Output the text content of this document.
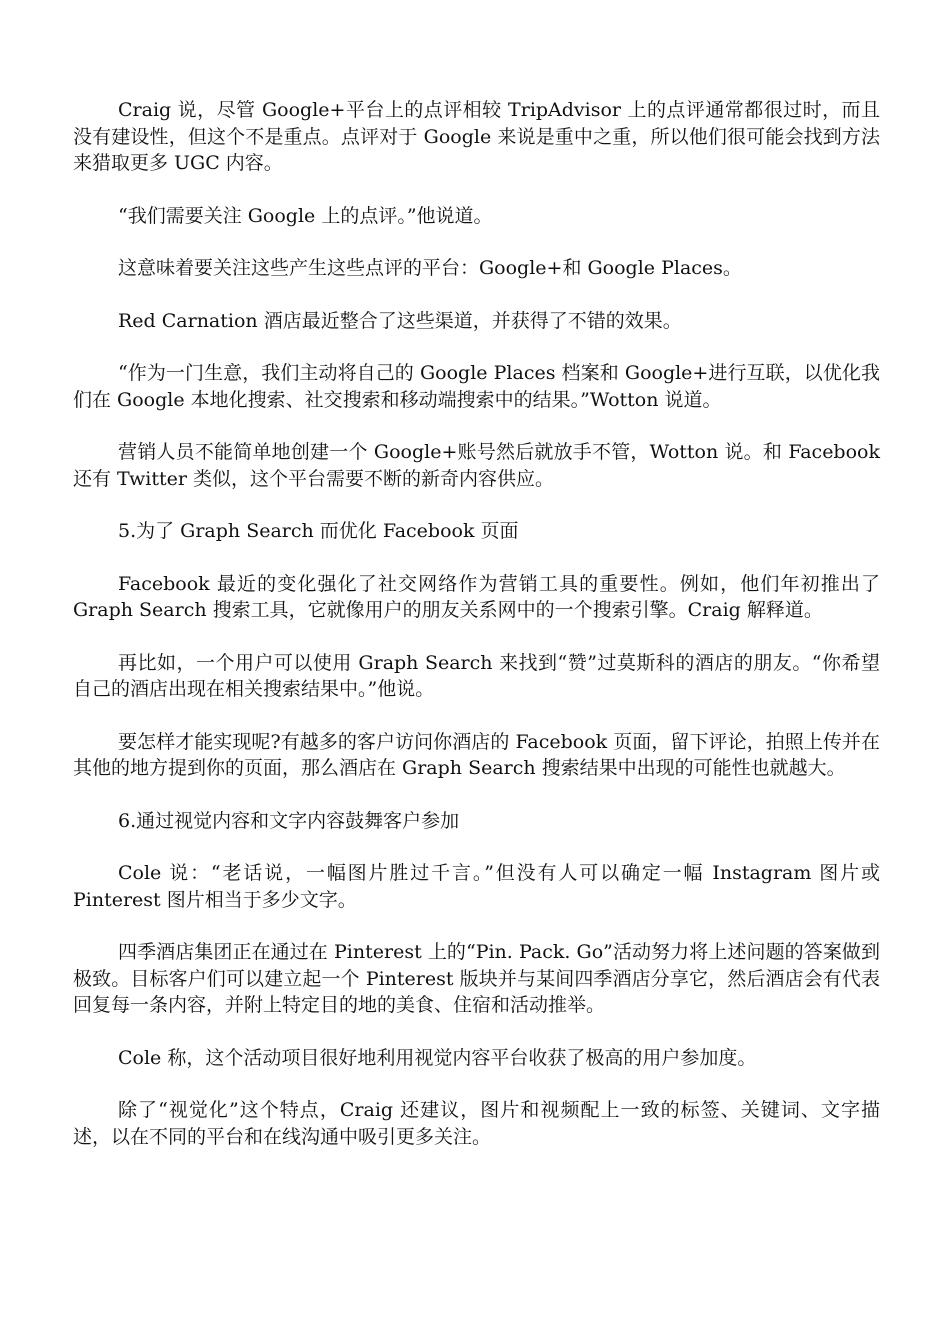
Craig 说，尽管 Google+平台上的点评相较 TripAdvisor 上的点评通常都很过时，而且没有建设性，但这个不是重点。点评对于 Google 来说是重中之重，所以他们很可能会找到方法来猎取更多 UGC 内容。

“我们需要关注 Google 上的点评。”他说道。

这意味着要关注这些产生这些点评的平台：Google+和 Google Places。

Red Carnation 酒店最近整合了这些渠道，并获得了不错的效果。

“作为一门生意，我们主动将自己的 Google Places 档案和 Google+进行互联，以优化我们在 Google 本地化搜索、社交搜索和移动端搜索中的结果。”Wotton 说道。

营销人员不能简单地创建一个 Google+账号然后就放手不管，Wotton 说。和 Facebook 还有 Twitter 类似，这个平台需要不断的新奇内容供应。

5.为了 Graph Search 而优化 Facebook 页面

Facebook 最近的变化强化了社交网络作为营销工具的重要性。例如，他们年初推出了 Graph Search 搜索工具，它就像用户的朋友关系网中的一个搜索引擎。Craig 解释道。

再比如，一个用户可以使用 Graph Search 来找到“赞”过莫斯科的酒店的朋友。“你希望自己的酒店出现在相关搜索结果中。”他说。

要怎样才能实现呢?有越多的客户访问你酒店的 Facebook 页面，留下评论，拍照上传并在其他的地方提到你的页面，那么酒店在 Graph Search 搜索结果中出现的可能性也就越大。

6.通过视觉内容和文字内容鼓舞客户参加

Cole 说：“老话说，一幅图片胜过千言。”但没有人可以确定一幅 Instagram 图片或 Pinterest 图片相当于多少文字。

四季酒店集团正在通过在 Pinterest 上的“Pin. Pack. Go”活动努力将上述问题的答案做到极致。目标客户们可以建立起一个 Pinterest 版块并与某间四季酒店分享它，然后酒店会有代表回复每一条内容，并附上特定目的地的美食、住宿和活动推举。

Cole 称，这个活动项目很好地利用视觉内容平台收获了极高的用户参加度。

除了“视觉化”这个特点，Craig 还建议，图片和视频配上一致的标签、关键词、文字描述，以在不同的平台和在线沟通中吸引更多关注。
